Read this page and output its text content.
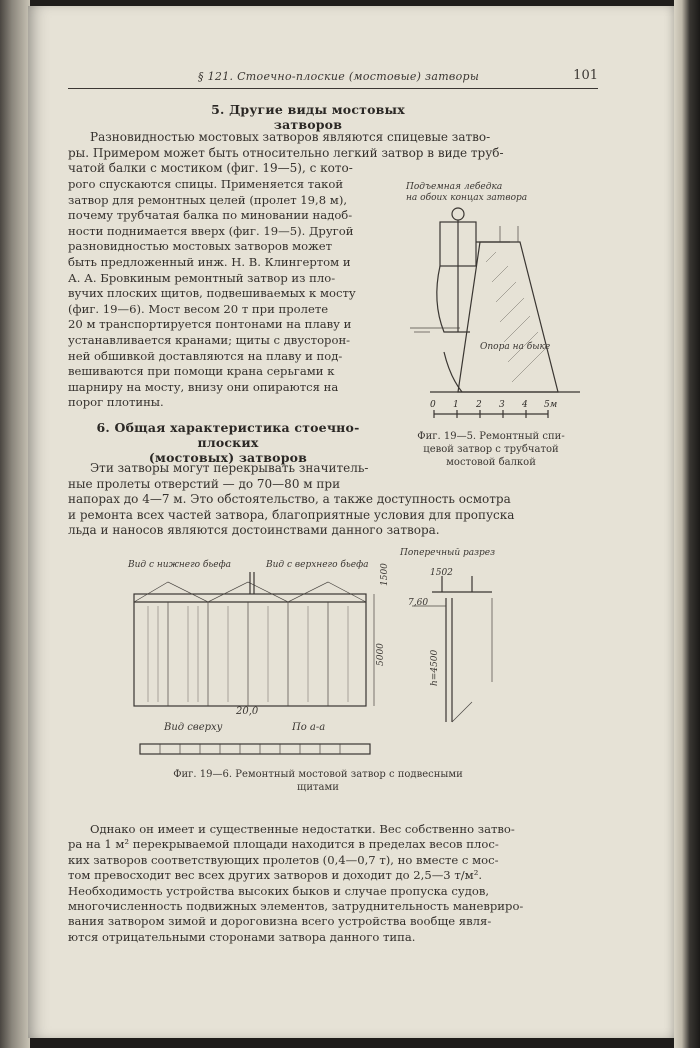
§ 121. Стоечно-плоские (мостовые) затворы	101
5. Другие виды мостовых затворов
Разновидностью мостовых затворов являются спицевые затво-
ры. Примером может быть относительно легкий затвор в виде труб-
чатой балки с мостиком (фиг. 19—5), с кото-
рого спускаются спицы. Применяется такой
затвор для ремонтных целей (пролет 19,8 м),
почему трубчатая балка по миновании надоб-
ности поднимается вверх (фиг. 19—5). Другой
разновидностью мостовых затворов может
быть предложенный инж. Н. В. Клингертом и
А. А. Бровкиным ремонтный затвор из пло-
вучих плоских щитов, подвешиваемых к мосту
(фиг. 19—6). Мост весом 20 т при пролете
20 м транспортируется понтонами на плаву и
устанавливается кранами; щиты с двусторон-
ней обшивкой доставляются на плаву и под-
вешиваются при помощи крана серьгами к
шарниру на мосту, внизу они опираются на
порог плотины.
Подъемная лебедка
на обоих концах затвора
Опора на быке
0 1 2 3 4 5м
Фиг. 19—5. Ремонтный спи-
цевой затвор с трубчатой
мостовой балкой
6. Общая характеристика стоечно-плоских
(мостовых) затворов
Эти затворы могут перекрывать значитель-
ные пролеты отверстий — до 70—80 м при
напорах до 4—7 м. Это обстоятельство, а также доступность осмотра
и ремонта всех частей затвора, благоприятные условия для пропуска
льда и наносов являются достоинствами данного затвора.
Вид с нижнего бьефа	Вид с верхнего бьефа
Поперечный разрез
1500
5000
1502
7,60
h=4500
20,0
Вид сверху	По а-а
Фиг. 19—6. Ремонтный мостовой затвор с подвесными
щитами
Однако он имеет и существенные недостатки. Вес собственно затво-
ра на 1 м² перекрываемой площади находится в пределах весов плос-
ких затворов соответствующих пролетов (0,4—0,7 т), но вместе с мос-
том превосходит вес всех других затворов и доходит до 2,5—3 т/м².
Необходимость устройства высоких быков и случае пропуска судов,
многочисленность подвижных элементов, затруднительность маневриро-
вания затвором зимой и дороговизна всего устройства вообще явля-
ются отрицательными сторонами затвора данного типа.
